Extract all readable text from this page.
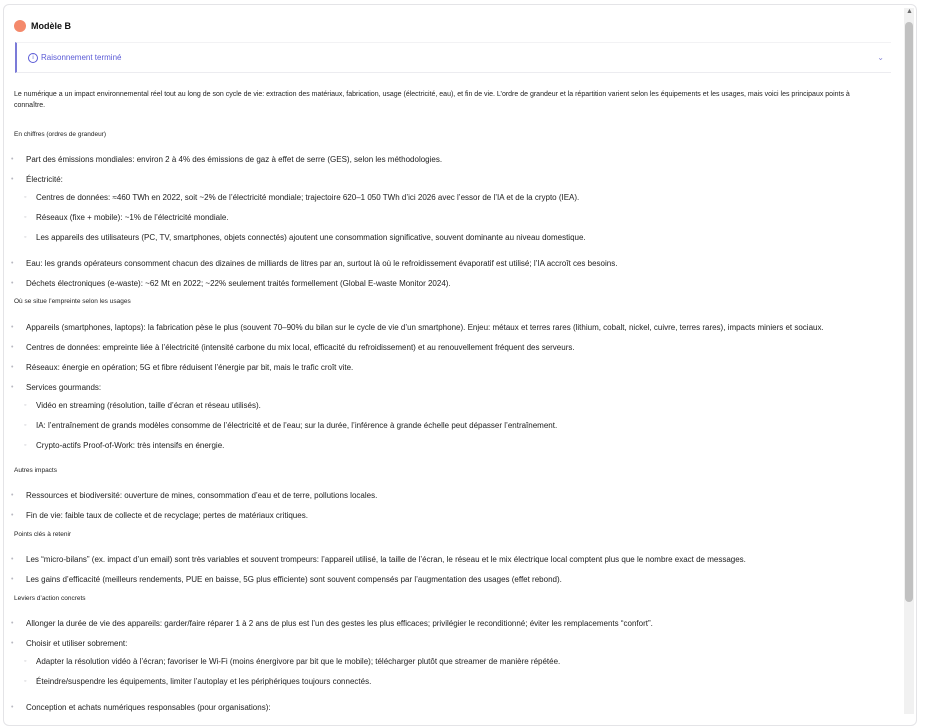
Modèle B
i Raisonnement terminé	⌄
Le numérique a un impact environnemental réel tout au long de son cycle de vie: extraction des matériaux, fabrication, usage (électricité, eau), et fin de vie. L’ordre de grandeur et la répartition varient selon les équipements et les usages, mais voici les principaux points à connaître.
En chiffres (ordres de grandeur)
• Part des émissions mondiales: environ 2 à 4% des émissions de gaz à effet de serre (GES), selon les méthodologies.
• Électricité:
◦ Centres de données: ≈460 TWh en 2022, soit ~2% de l’électricité mondiale; trajectoire 620–1 050 TWh d’ici 2026 avec l’essor de l’IA et de la crypto (IEA).
◦ Réseaux (fixe + mobile): ~1% de l’électricité mondiale.
◦ Les appareils des utilisateurs (PC, TV, smartphones, objets connectés) ajoutent une consommation significative, souvent dominante au niveau domestique.
• Eau: les grands opérateurs consomment chacun des dizaines de milliards de litres par an, surtout là où le refroidissement évaporatif est utilisé; l’IA accroît ces besoins.
• Déchets électroniques (e-waste): ~62 Mt en 2022; ~22% seulement traités formellement (Global E-waste Monitor 2024).
Où se situe l’empreinte selon les usages
• Appareils (smartphones, laptops): la fabrication pèse le plus (souvent 70–90% du bilan sur le cycle de vie d’un smartphone). Enjeu: métaux et terres rares (lithium, cobalt, nickel, cuivre, terres rares), impacts miniers et sociaux.
• Centres de données: empreinte liée à l’électricité (intensité carbone du mix local, efficacité du refroidissement) et au renouvellement fréquent des serveurs.
• Réseaux: énergie en opération; 5G et fibre réduisent l’énergie par bit, mais le trafic croît vite.
• Services gourmands:
◦ Vidéo en streaming (résolution, taille d’écran et réseau utilisés).
◦ IA: l’entraînement de grands modèles consomme de l’électricité et de l’eau; sur la durée, l’inférence à grande échelle peut dépasser l’entraînement.
◦ Crypto-actifs Proof-of-Work: très intensifs en énergie.
Autres impacts
• Ressources et biodiversité: ouverture de mines, consommation d’eau et de terre, pollutions locales.
• Fin de vie: faible taux de collecte et de recyclage; pertes de matériaux critiques.
Points clés à retenir
• Les “micro-bilans” (ex. impact d’un email) sont très variables et souvent trompeurs: l’appareil utilisé, la taille de l’écran, le réseau et le mix électrique local comptent plus que le nombre exact de messages.
• Les gains d’efficacité (meilleurs rendements, PUE en baisse, 5G plus efficiente) sont souvent compensés par l’augmentation des usages (effet rebond).
Leviers d’action concrets
• Allonger la durée de vie des appareils: garder/faire réparer 1 à 2 ans de plus est l’un des gestes les plus efficaces; privilégier le reconditionné; éviter les remplacements “confort”.
• Choisir et utiliser sobrement:
◦ Adapter la résolution vidéo à l’écran; favoriser le Wi-Fi (moins énergivore par bit que le mobile); télécharger plutôt que streamer de manière répétée.
◦ Éteindre/suspendre les équipements, limiter l’autoplay et les périphériques toujours connectés.
• Conception et achats numériques responsables (pour organisations):
▲
